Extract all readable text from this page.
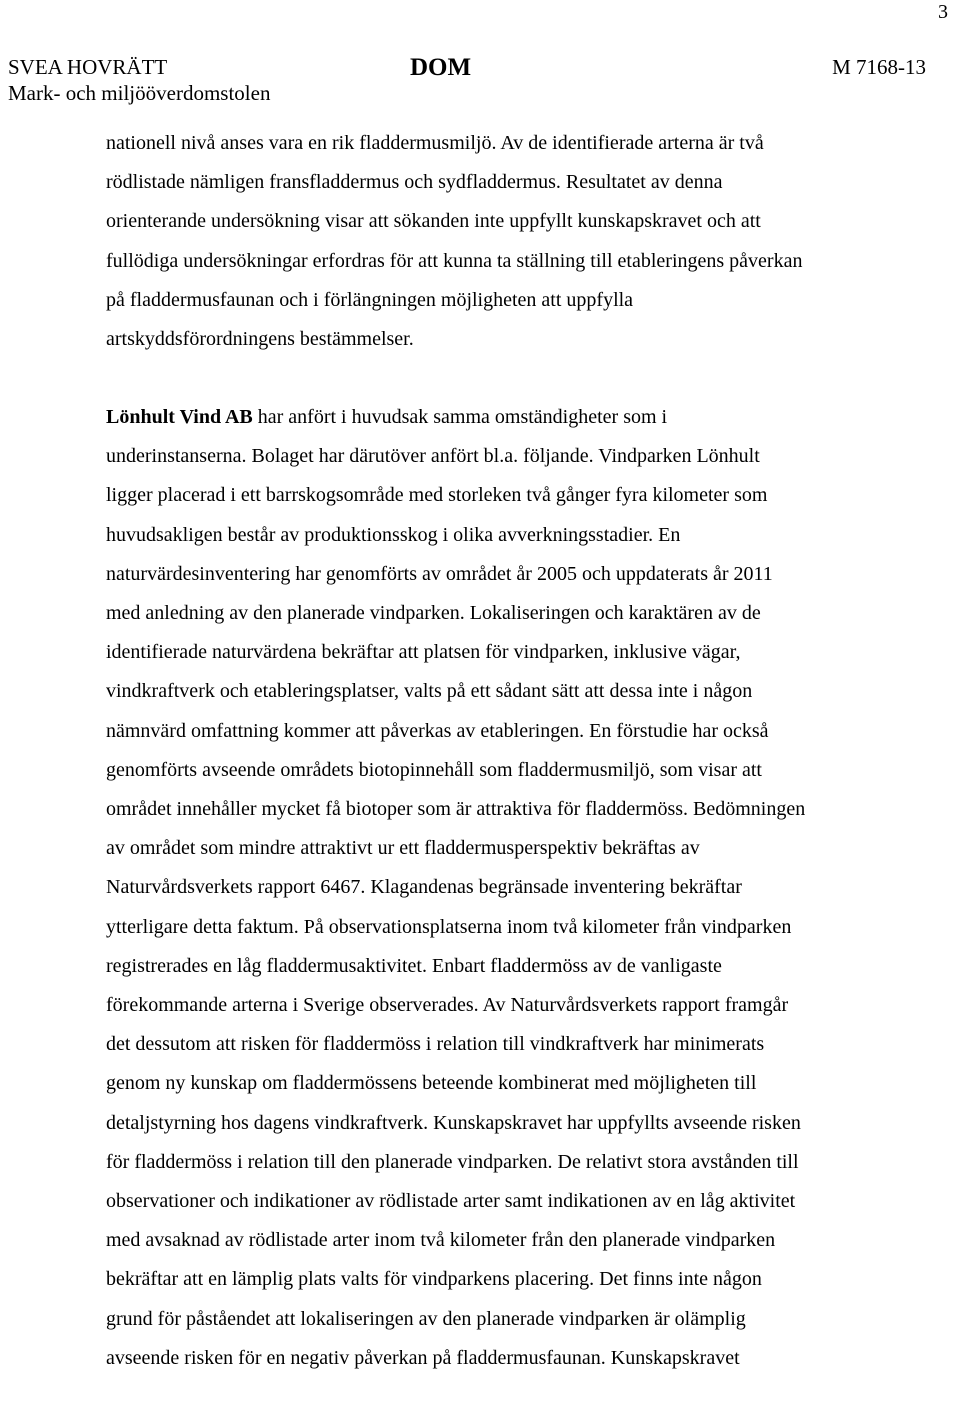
3
SVEA HOVRÄTT
Mark- och miljööverdomstolen
DOM	M 7168-13

nationell nivå anses vara en rik fladdermusmiljö. Av de identifierade arterna är två
rödlistade nämligen fransfladdermus och sydfladdermus. Resultatet av denna
orienterande undersökning visar att sökanden inte uppfyllt kunskapskravet och att
fullödiga undersökningar erfordras för att kunna ta ställning till etableringens påverkan
på fladdermusfaunan och i förlängningen möjligheten att uppfylla
artskyddsförordningens bestämmelser.

Lönhult Vind AB har anfört i huvudsak samma omständigheter som i
underinstanserna. Bolaget har därutöver anfört bl.a. följande. Vindparken Lönhult
ligger placerad i ett barrskogsområde med storleken två gånger fyra kilometer som
huvudsakligen består av produktionsskog i olika avverkningsstadier. En
naturvärdesinventering har genomförts av området år 2005 och uppdaterats år 2011
med anledning av den planerade vindparken. Lokaliseringen och karaktären av de
identifierade naturvärdena bekräftar att platsen för vindparken, inklusive vägar,
vindkraftverk och etableringsplatser, valts på ett sådant sätt att dessa inte i någon
nämnvärd omfattning kommer att påverkas av etableringen. En förstudie har också
genomförts avseende områdets biotopinnehåll som fladdermusmiljö, som visar att
området innehåller mycket få biotoper som är attraktiva för fladdermöss. Bedömningen
av området som mindre attraktivt ur ett fladdermusperspektiv bekräftas av
Naturvårdsverkets rapport 6467. Klagandenas begränsade inventering bekräftar
ytterligare detta faktum. På observationsplatserna inom två kilometer från vindparken
registrerades en låg fladdermusaktivitet. Enbart fladdermöss av de vanligaste
förekommande arterna i Sverige observerades. Av Naturvårdsverkets rapport framgår
det dessutom att risken för fladdermöss i relation till vindkraftverk har minimerats
genom ny kunskap om fladdermössens beteende kombinerat med möjligheten till
detaljstyrning hos dagens vindkraftverk. Kunskapskravet har uppfyllts avseende risken
för fladdermöss i relation till den planerade vindparken. De relativt stora avstånden till
observationer och indikationer av rödlistade arter samt indikationen av en låg aktivitet
med avsaknad av rödlistade arter inom två kilometer från den planerade vindparken
bekräftar att en lämplig plats valts för vindparkens placering. Det finns inte någon
grund för påståendet att lokaliseringen av den planerade vindparken är olämplig
avseende risken för en negativ påverkan på fladdermusfaunan. Kunskapskravet
